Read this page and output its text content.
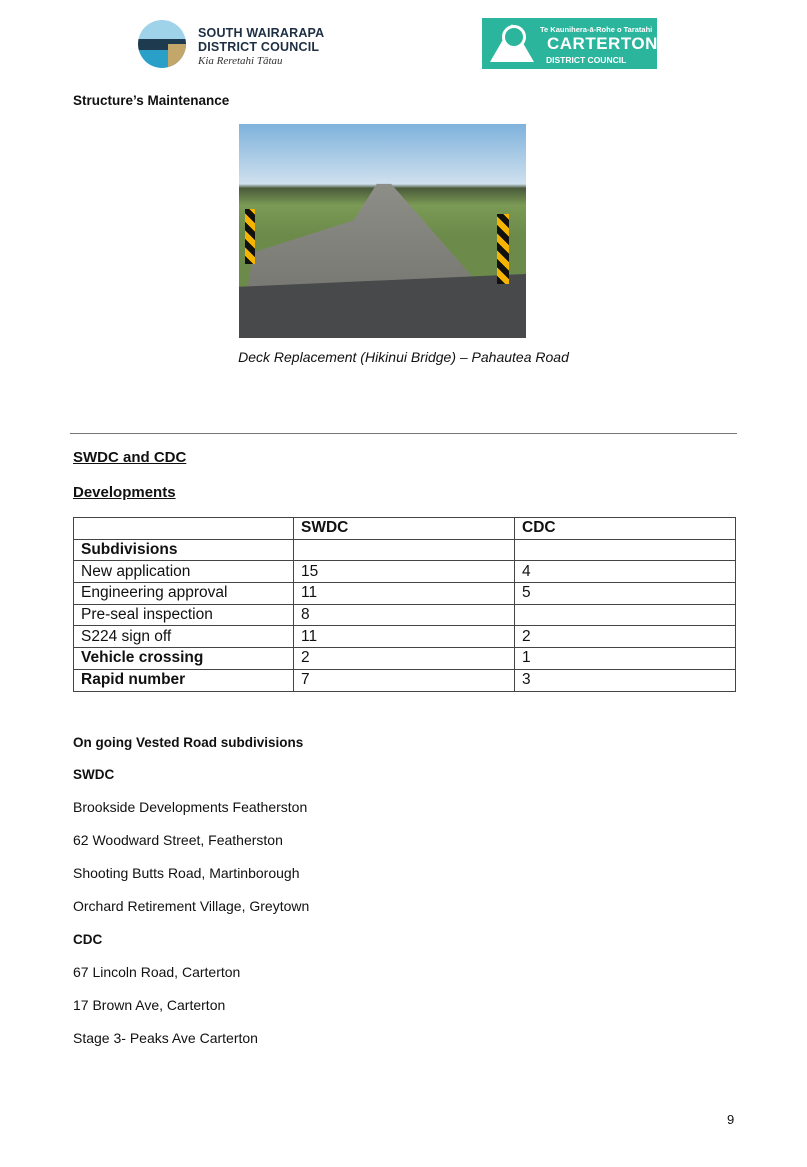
SOUTH WAIRARAPA
DISTRICT COUNCIL
Kia Reretahi Tātau
Te Kaunihera-ā-Rohe o Taratahi
CARTERTON
DISTRICT COUNCIL
Structure’s Maintenance
Deck Replacement (Hikinui Bridge) – Pahautea Road
SWDC and CDC
Developments
	SWDC	CDC
Subdivisions		
New application	15	4
Engineering approval	11	5
Pre-seal inspection	8	
S224 sign off	11	2
Vehicle crossing	2	1
Rapid number	7	3
On going Vested Road subdivisions
SWDC
Brookside Developments Featherston
62 Woodward Street, Featherston
Shooting Butts Road, Martinborough
Orchard Retirement Village, Greytown
CDC
67 Lincoln Road, Carterton
17 Brown Ave, Carterton
Stage 3- Peaks Ave Carterton
9
